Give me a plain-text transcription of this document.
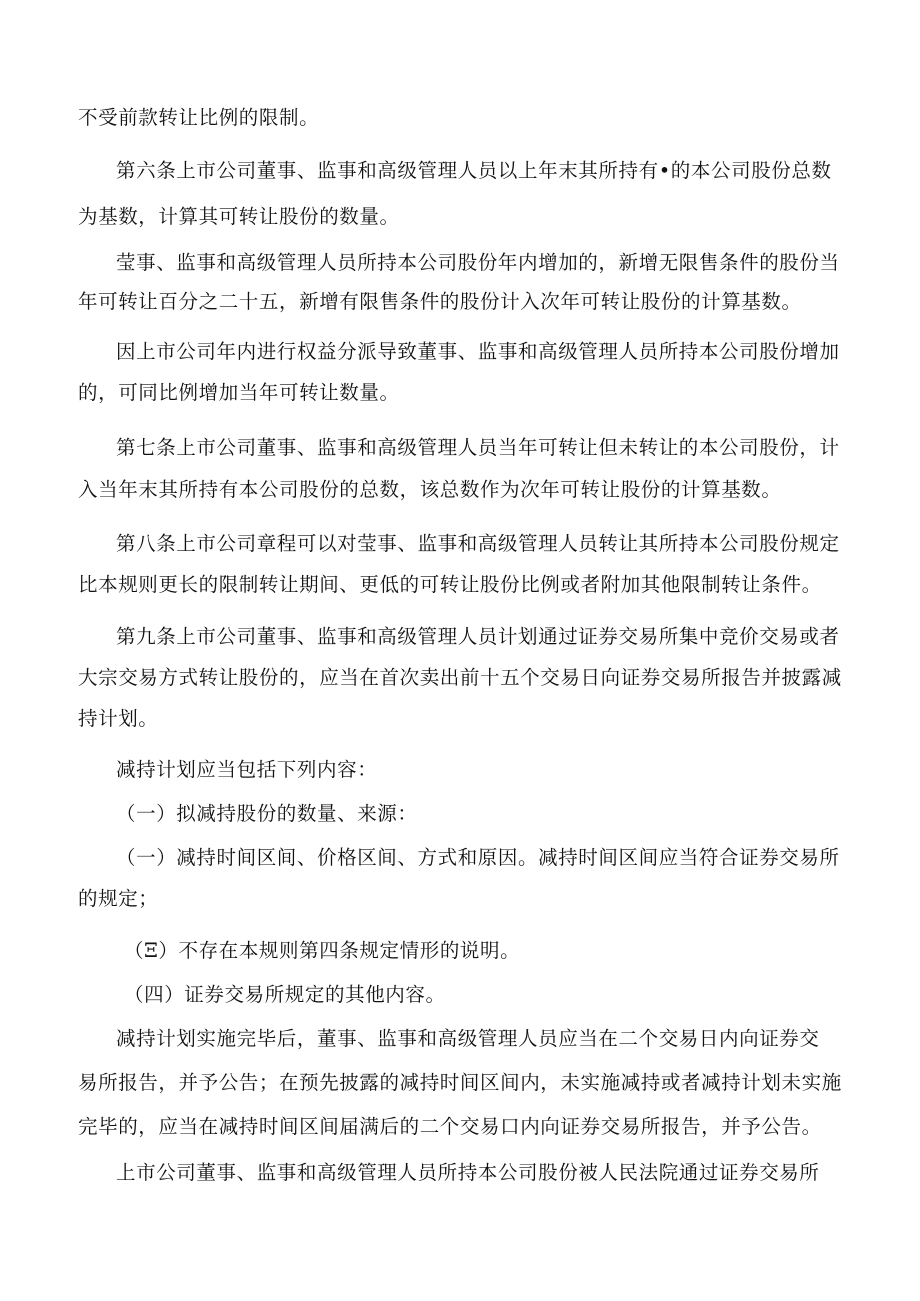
不受前款转让比例的限制。
第六条上市公司董事、监事和高级管理人员以上年末其所持有•的本公司股份总数
为基数，计算其可转让股份的数量。
莹事、监事和高级管理人员所持本公司股份年内增加的，新增无限售条件的股份当
年可转让百分之二十五，新增有限售条件的股份计入次年可转让股份的计算基数。
因上市公司年内进行权益分派导致董事、监事和高级管理人员所持本公司股份增加
的，可同比例增加当年可转让数量。
第七条上市公司董事、监事和高级管理人员当年可转让但未转让的本公司股份，计
入当年末其所持有本公司股份的总数，该总数作为次年可转让股份的计算基数。
第八条上市公司章程可以对莹事、监事和高级管理人员转让其所持本公司股份规定
比本规则更长的限制转让期间、更低的可转让股份比例或者附加其他限制转让条件。
第九条上市公司董事、监事和高级管理人员计划通过证券交易所集中竞价交易或者
大宗交易方式转让股份的，应当在首次卖出前十五个交易日向证券交易所报告并披露减
持计划。
减持计划应当包括下列内容：
（一）拟减持股份的数量、来源：
（一）减持时间区间、价格区间、方式和原因。减持时间区间应当符合证券交易所
的规定；
（Ξ）不存在本规则第四条规定情形的说明。
（四）证券交易所规定的其他内容。
减持计划实施完毕后，董事、监事和高级管理人员应当在二个交易日内向证券交
易所报告，并予公告；在预先披露的减持时间区间内，未实施减持或者减持计划未实施
完毕的，应当在减持时间区间届满后的二个交易口内向证券交易所报告，并予公告。
上市公司董事、监事和高级管理人员所持本公司股份被人民法院通过证券交易所
